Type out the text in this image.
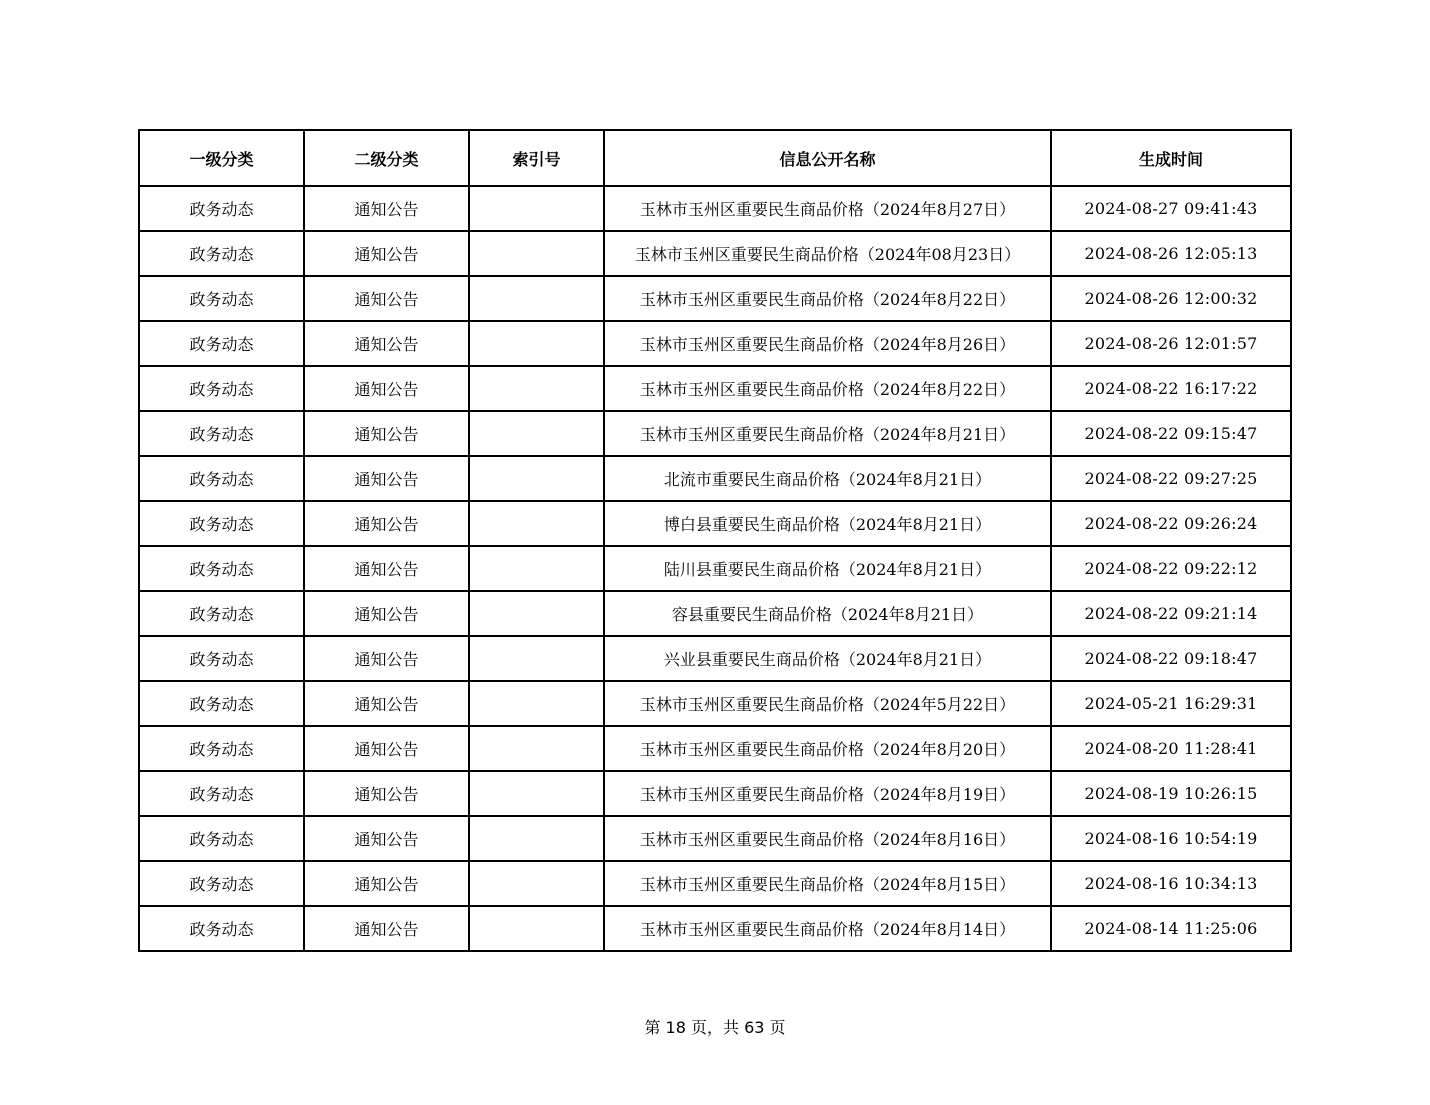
一级分类	二级分类	索引号	信息公开名称	生成时间
政务动态	通知公告		玉林市玉州区重要民生商品价格（2024年8月27日）	2024-08-27 09:41:43
政务动态	通知公告		玉林市玉州区重要民生商品价格（2024年08月23日）	2024-08-26 12:05:13
政务动态	通知公告		玉林市玉州区重要民生商品价格（2024年8月22日）	2024-08-26 12:00:32
政务动态	通知公告		玉林市玉州区重要民生商品价格（2024年8月26日）	2024-08-26 12:01:57
政务动态	通知公告		玉林市玉州区重要民生商品价格（2024年8月22日）	2024-08-22 16:17:22
政务动态	通知公告		玉林市玉州区重要民生商品价格（2024年8月21日）	2024-08-22 09:15:47
政务动态	通知公告		北流市重要民生商品价格（2024年8月21日）	2024-08-22 09:27:25
政务动态	通知公告		博白县重要民生商品价格（2024年8月21日）	2024-08-22 09:26:24
政务动态	通知公告		陆川县重要民生商品价格（2024年8月21日）	2024-08-22 09:22:12
政务动态	通知公告		容县重要民生商品价格（2024年8月21日）	2024-08-22 09:21:14
政务动态	通知公告		兴业县重要民生商品价格（2024年8月21日）	2024-08-22 09:18:47
政务动态	通知公告		玉林市玉州区重要民生商品价格（2024年5月22日）	2024-05-21 16:29:31
政务动态	通知公告		玉林市玉州区重要民生商品价格（2024年8月20日）	2024-08-20 11:28:41
政务动态	通知公告		玉林市玉州区重要民生商品价格（2024年8月19日）	2024-08-19 10:26:15
政务动态	通知公告		玉林市玉州区重要民生商品价格（2024年8月16日）	2024-08-16 10:54:19
政务动态	通知公告		玉林市玉州区重要民生商品价格（2024年8月15日）	2024-08-16 10:34:13
政务动态	通知公告		玉林市玉州区重要民生商品价格（2024年8月14日）	2024-08-14 11:25:06
第 18 页，共 63 页
